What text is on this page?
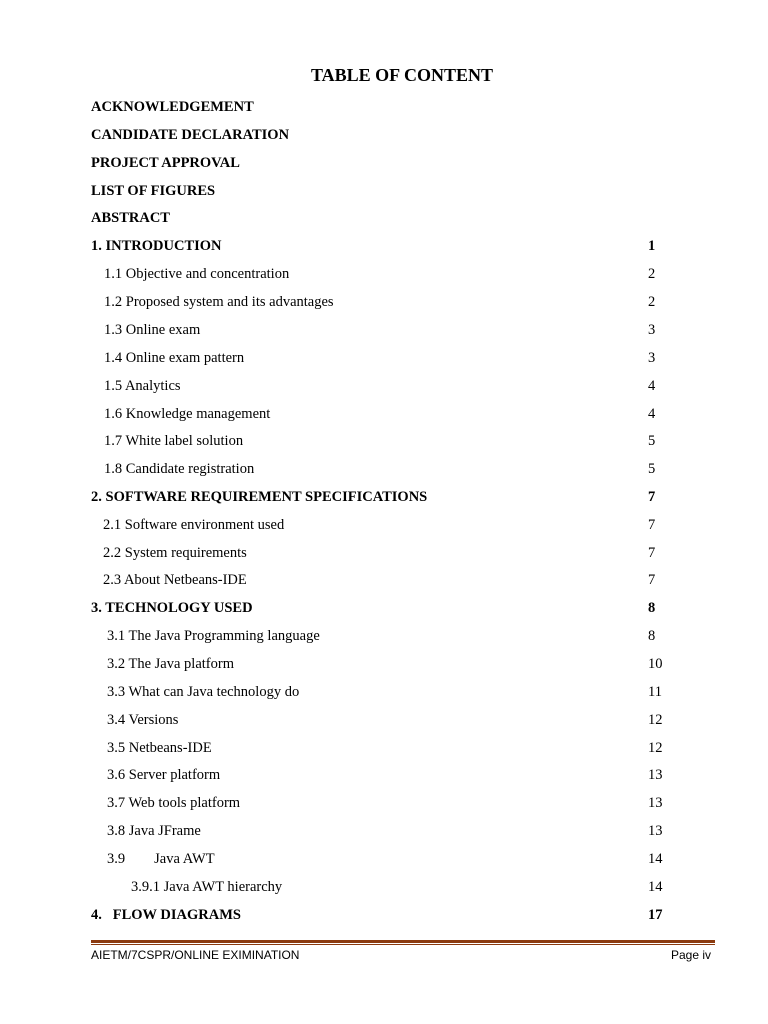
TABLE OF CONTENT
ACKNOWLEDGEMENT
CANDIDATE DECLARATION
PROJECT APPROVAL
LIST OF FIGURES
ABSTRACT
1. INTRODUCTION	1
1.1 Objective and concentration	2
1.2 Proposed system and its advantages	2
1.3 Online exam	3
1.4 Online exam pattern	3
1.5 Analytics	4
1.6 Knowledge management	4
1.7 White label solution	5
1.8 Candidate registration	5
2. SOFTWARE REQUIREMENT SPECIFICATIONS	7
2.1 Software environment used	7
2.2 System requirements	7
2.3 About Netbeans-IDE	7
3. TECHNOLOGY USED	8
3.1 The Java Programming language	8
3.2 The Java platform	10
3.3 What can Java technology do	11
3.4 Versions	12
3.5 Netbeans-IDE	12
3.6 Server platform	13
3.7 Web tools platform	13
3.8 Java JFrame	13
3.9        Java AWT	14
3.9.1 Java AWT hierarchy	14
4.   FLOW DIAGRAMS	17
AIETM/7CSPR/ONLINE EXIMINATION	Page iv
